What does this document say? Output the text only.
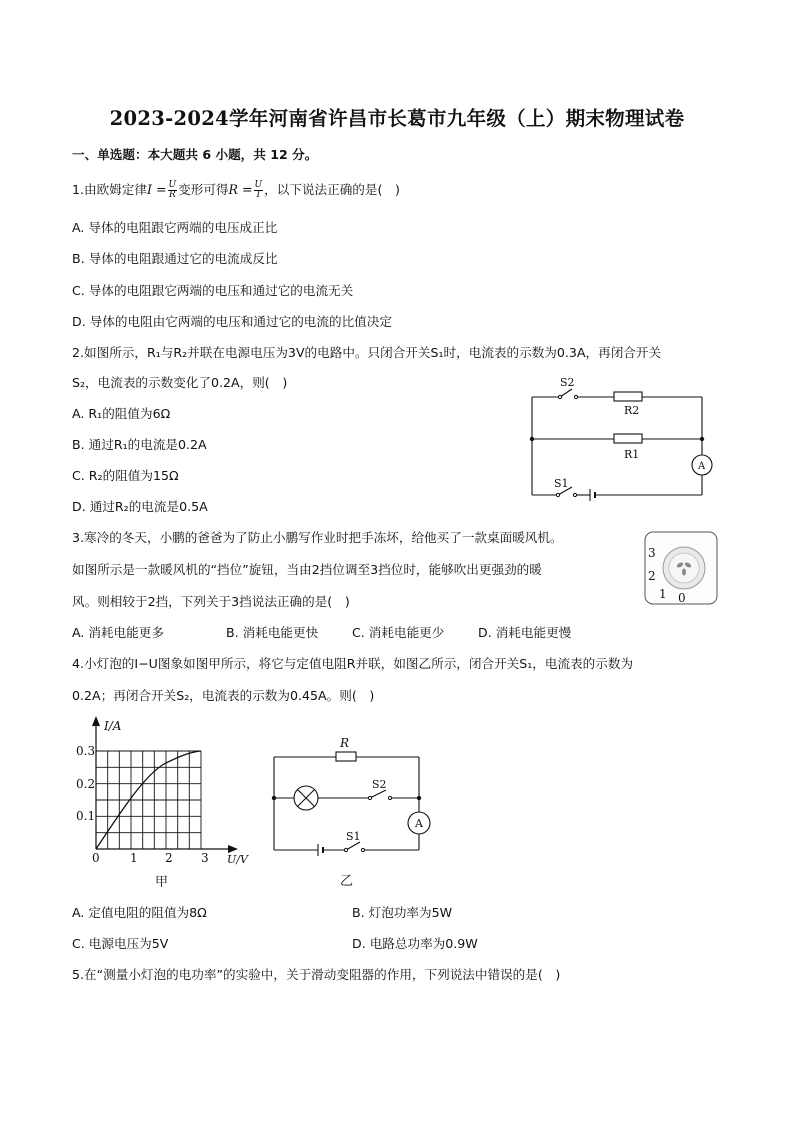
2023-2024学年河南省许昌市长葛市九年级（上）期末物理试卷
一、单选题：本大题共 6 小题，共 12 分。
1.由欧姆定律$I = \frac{U}{R}$ 变形可得$R = \frac{U}{I}$ ，以下说法正确的是(　)
A. 导体的电阻跟它两端的电压成正比
B. 导体的电阻跟通过它的电流成反比
C. 导体的电阻跟它两端的电压和通过它的电流无关
D. 导体的电阻由它两端的电压和通过它的电流的比值决定
2.如图所示，R₁与R₂并联在电源电压为3V的电路中。只闭合开关S₁时，电流表的示数为0.3A，再闭合开关
S₂，电流表的示数变化了0.2A，则(　)
A. R₁的阻值为6Ω
B. 通过R₁的电流是0.2A
C. R₂的阻值为15Ω
D. 通过R₂的电流是0.5A
S2
R2
R1
A
S1
3.寒冷的冬天，小鹏的爸爸为了防止小鹏写作业时把手冻坏，给他买了一款桌面暖风机。
如图所示是一款暖风机的“挡位”旋钮，当由2挡位调至3挡位时，能够吹出更强劲的暖
风。则相较于2挡，下列关于3挡说法正确的是(　)
A. 消耗电能更多	B. 消耗电能更快	C. 消耗电能更少	D. 消耗电能更慢
3
2
1 0
4.小灯泡的I−U图象如图甲所示，将它与定值电阻R并联，如图乙所示，闭合开关S₁，电流表的示数为
0.2A；再闭合开关S₂，电流表的示数为0.45A。则(　)
I/A
0.3
0.2
0.1
0	1 2 3 U/V
甲
R
S2
A
S1
乙
A. 定值电阻的阻值为8Ω	B. 灯泡功率为5W
C. 电源电压为5V	D. 电路总功率为0.9W
5.在“测量小灯泡的电功率”的实验中，关于滑动变阻器的作用，下列说法中错误的是(　)
